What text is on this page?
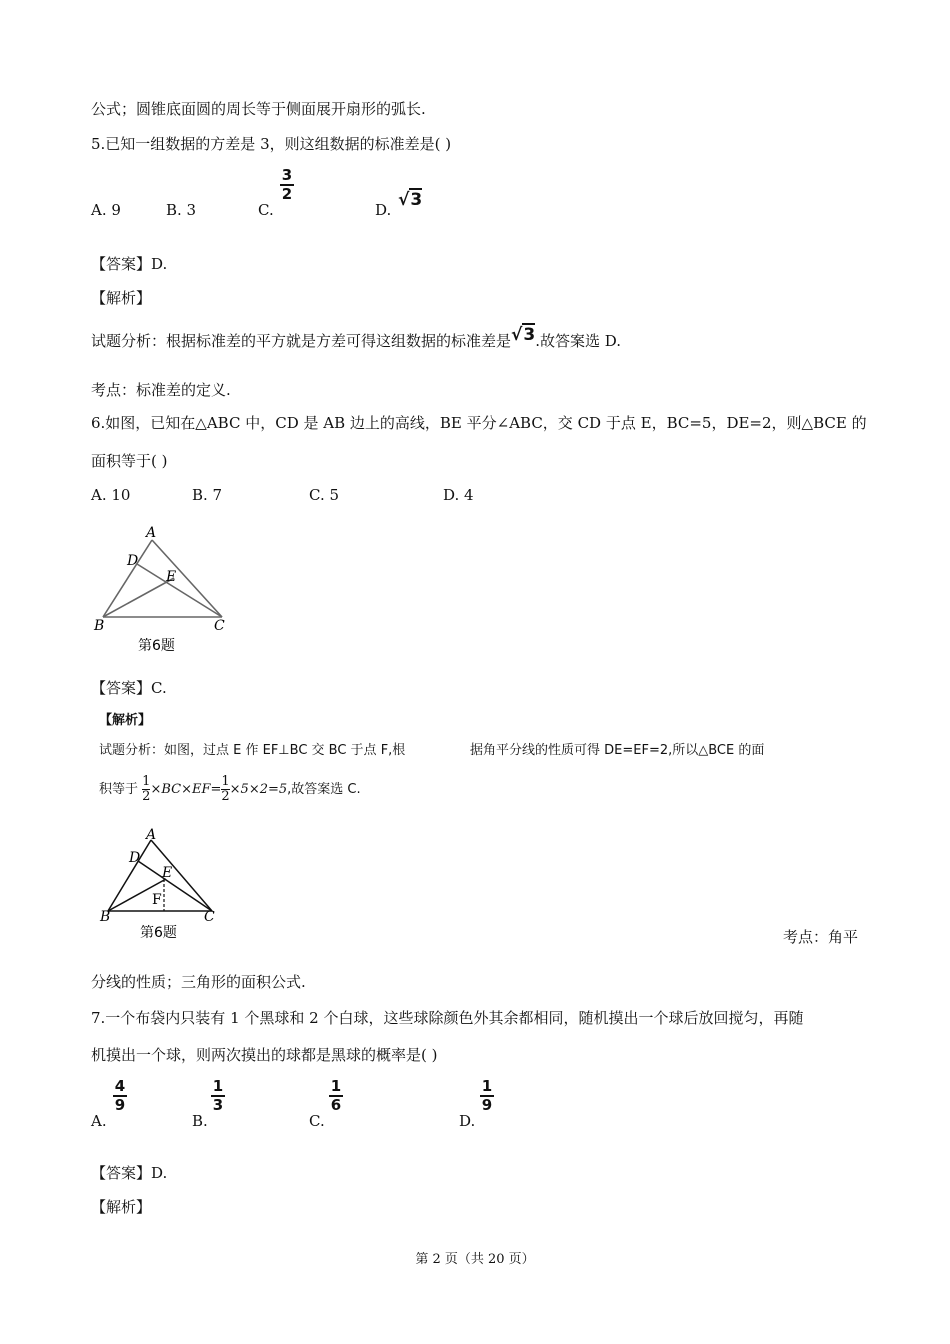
公式；圆锥底面圆的周长等于侧面展开扇形的弧长.
5.已知一组数据的方差是 3，则这组数据的标准差是( )
A. 9	B. 3	C.
3
2
D. √3
【答案】D.
【解析】
试题分析：根据标准差的平方就是方差可得这组数据的标准差是√3.故答案选 D.
考点：标准差的定义.
6.如图，已知在△ABC 中，CD 是 AB 边上的高线，BE 平分∠ABC，交 CD 于点 E，BC=5，DE=2，则△BCE 的
面积等于( )
A. 10	B. 7	C. 5	D. 4
A
D
E
B	C
第6题
【答案】C.
【解析】
试题分析：如图，过点 E 作 EF⊥BC 交 BC 于点 F,根	据角平分线的性质可得 DE=EF=2,所以△BCE 的面
积等于 $\frac{1}{2} \times BC\times EF=\frac{1}{2} \times 5\times 2=5$,故答案选 C.
A
D
E
F
B	C
第6题	考点：角平
分线的性质；三角形的面积公式.
7.一个布袋内只装有 1 个黑球和 2 个白球，这些球除颜色外其余都相同，随机摸出一个球后放回搅匀，再随
机摸出一个球，则两次摸出的球都是黑球的概率是( )
A.
4
9
B.
1
3
C.
1
6
D.
1
9
【答案】D.
【解析】
第 2 页（共 20 页）
